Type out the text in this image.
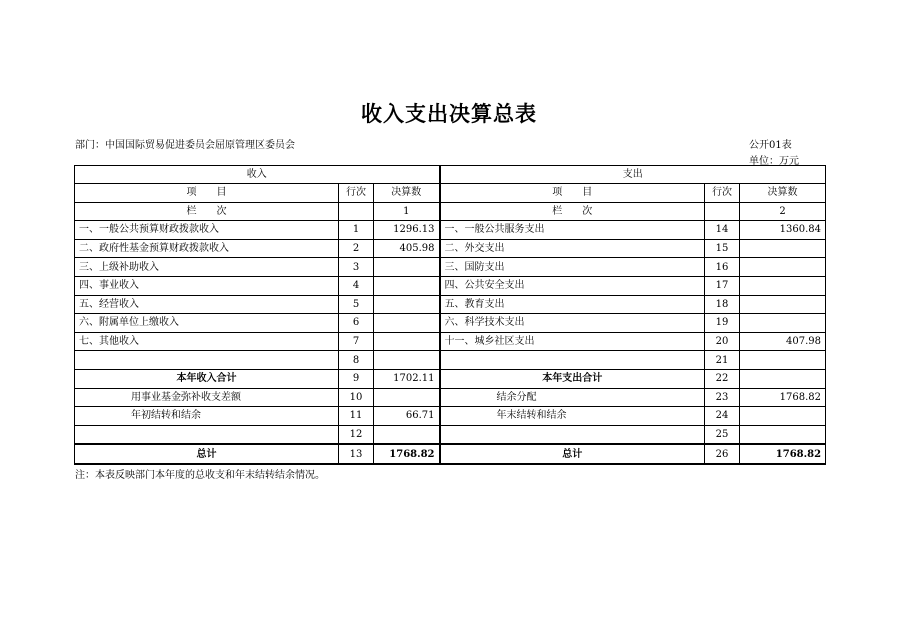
收入支出决算总表
部门：中国国际贸易促进委员会屈原管理区委员会	公开01表
单位：万元
收入			支出		
项　　目	行次	决算数	项　　目	行次	决算数
栏　　次		1	栏　　次		2
一、一般公共预算财政拨款收入	1	1296.13	一、一般公共服务支出	14	1360.84
二、政府性基金预算财政拨款收入	2	405.98	二、外交支出	15	
三、上级补助收入	3		三、国防支出	16	
四、事业收入	4		四、公共安全支出	17	
五、经营收入	5		五、教育支出	18	
六、附属单位上缴收入	6		六、科学技术支出	19	
七、其他收入	7		十一、城乡社区支出	20	407.98
	8			21	
本年收入合计	9	1702.11	本年支出合计	22	
用事业基金弥补收支差额	10		结余分配	23	1768.82
年初结转和结余	11	66.71	年末结转和结余	24	
	12			25	
总计	13	1768.82	总计	26	1768.82
注：本表反映部门本年度的总收支和年末结转结余情况。
